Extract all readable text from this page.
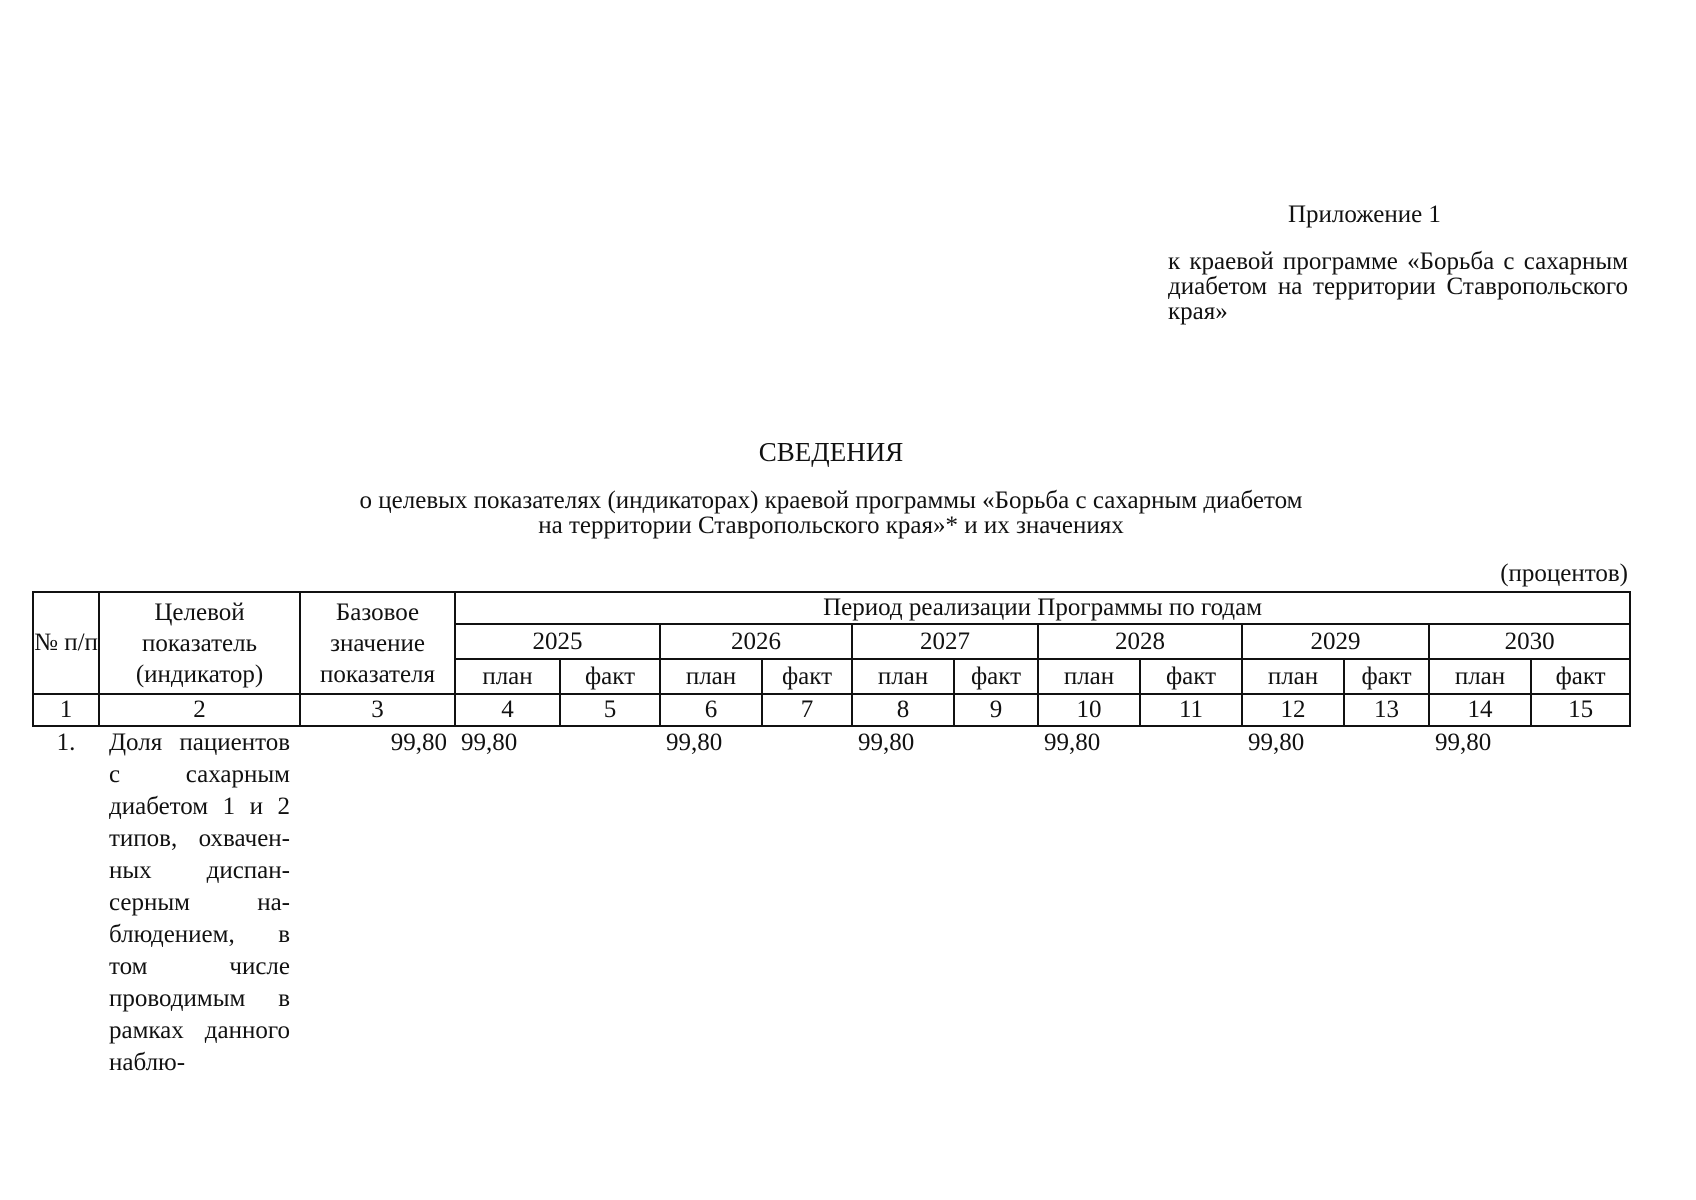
Приложение 1
к краевой программе «Борьба с сахарным диабетом на территории Ставропольского края»
СВЕДЕНИЯ
о целевых показателях (индикаторах) краевой программы «Борьба с сахарным диабетом
на территории Ставропольского края»* и их значениях
(процентов)
№ п/п	Целевой показатель (индикатор)	Базовое значение показателя	Период реализации Программы по годам											
			2025		2026		2027		2028		2029		2030	
			план	факт	план	факт	план	факт	план	факт	план	факт	план	факт
1	2	3	4	5	6	7	8	9	10	11	12	13	14	15
1.	Доля пациентов с сахарным диабетом 1 и 2 типов, охваченных диспансерным наблюдением, в том числе проводимым в рамках данного наблю-	99,80	99,80		99,80		99,80		99,80		99,80		99,80	
